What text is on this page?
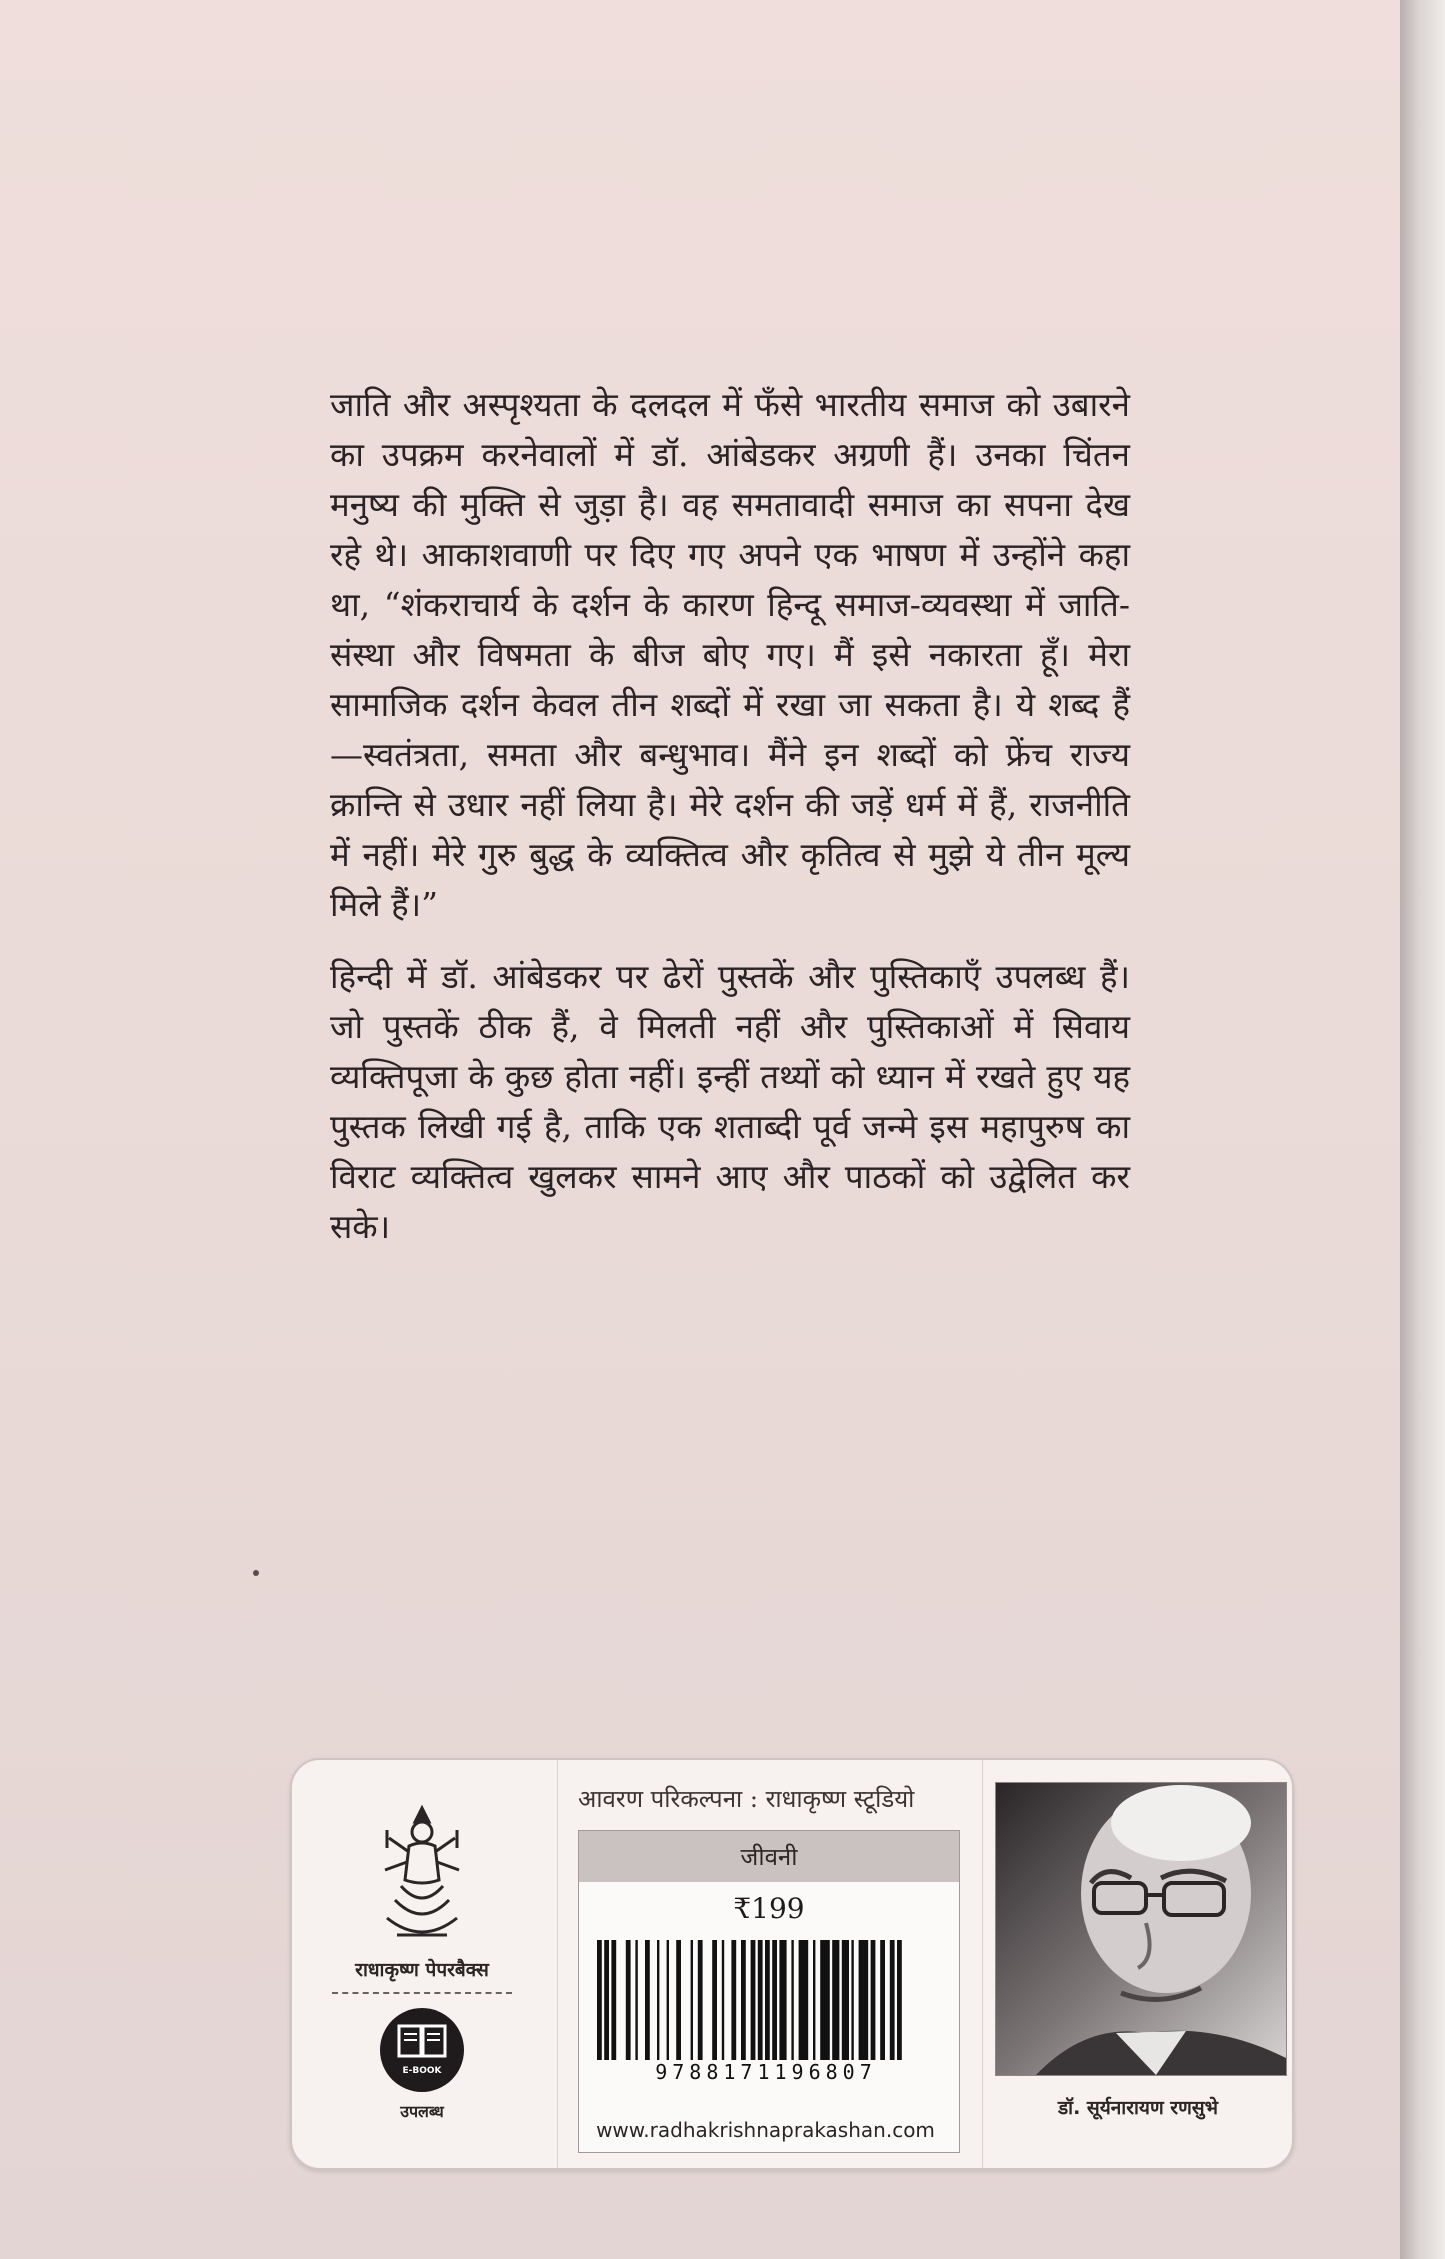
जाति और अस्पृश्यता के दलदल में फँसे भारतीय समाज को उबारने का उपक्रम करनेवालों में डॉ. आंबेडकर अग्रणी हैं। उनका चिंतन मनुष्य की मुक्ति से जुड़ा है। वह समतावादी समाज का सपना देख रहे थे। आकाशवाणी पर दिए गए अपने एक भाषण में उन्होंने कहा था, “शंकराचार्य के दर्शन के कारण हिन्दू समाज-व्यवस्था में जाति-संस्था और विषमता के बीज बोए गए। मैं इसे नकारता हूँ। मेरा सामाजिक दर्शन केवल तीन शब्दों में रखा जा सकता है। ये शब्द हैं—स्वतंत्रता, समता और बन्धुभाव। मैंने इन शब्दों को फ्रेंच राज्य क्रान्ति से उधार नहीं लिया है। मेरे दर्शन की जड़ें धर्म में हैं, राजनीति में नहीं। मेरे गुरु बुद्ध के व्यक्तित्व और कृतित्व से मुझे ये तीन मूल्य मिले हैं।”

हिन्दी में डॉ. आंबेडकर पर ढेरों पुस्तकें और पुस्तिकाएँ उपलब्ध हैं। जो पुस्तकें ठीक हैं, वे मिलती नहीं और पुस्तिकाओं में सिवाय व्यक्तिपूजा के कुछ होता नहीं। इन्हीं तथ्यों को ध्यान में रखते हुए यह पुस्तक लिखी गई है, ताकि एक शताब्दी पूर्व जन्मे इस महापुरुष का विराट व्यक्तित्व खुलकर सामने आए और पाठकों को उद्वेलित कर सके।

राधाकृष्ण पेपरबैक्स
E-BOOK
उपलब्ध
आवरण परिकल्पना : राधाकृष्ण स्टूडियो
जीवनी
₹199
9788171196807
www.radhakrishnaprakashan.com
डॉ. सूर्यनारायण रणसुभे
